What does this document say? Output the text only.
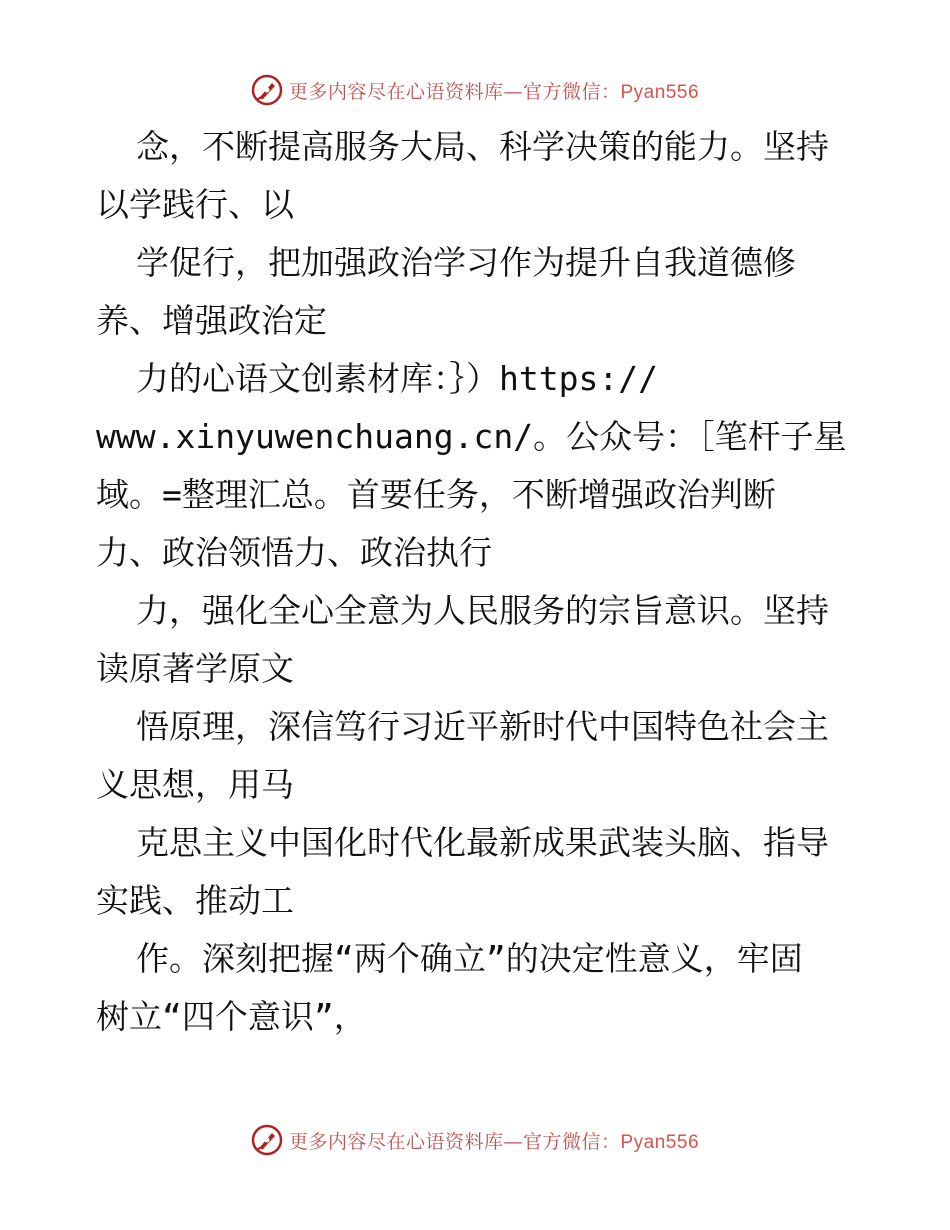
更多内容尽在心语资料库—官方微信：Pyan556
念，不断提高服务大局、科学决策的能力。坚持
以学践行、以
学促行，把加强政治学习作为提升自我道德修
养、增强政治定
力的心语文创素材库：｝）https://
www.xinyuwenchuang.cn/。公众号：［笔杆子星
域。=整理汇总。首要任务，不断增强政治判断
力、政治领悟力、政治执行
力，强化全心全意为人民服务的宗旨意识。坚持
读原著学原文
悟原理，深信笃行习近平新时代中国特色社会主
义思想，用马
克思主义中国化时代化最新成果武装头脑、指导
实践、推动工
作。深刻把握“两个确立”的决定性意义，牢固
树立“四个意识”，
更多内容尽在心语资料库—官方微信：Pyan556
